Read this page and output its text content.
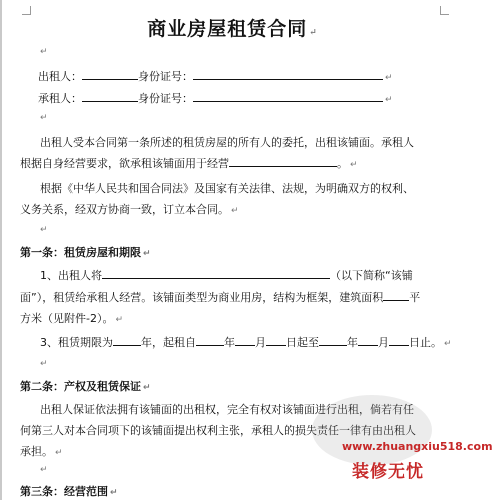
商业房屋租赁合同 ↵
↵
出租人：	身份证号：	↵
承租人：	身份证号：	↵
↵
出租人受本合同第一条所述的租赁房屋的所有人的委托，出租该铺面。承租人
根据自身经营要求，欲承租该铺面用于经营	。 ↵
根据《中华人民共和国合同法》及国家有关法律、法规，为明确双方的权利、
义务关系，经双方协商一致，订立本合同。 ↵
↵
第一条：租赁房屋和期限 ↵
1、出租人将	（以下简称“该铺
面”），租赁给承租人经营。该铺面类型为商业用房，结构为框架，建筑面积 平
方米（见附件-2）。 ↵
3、租赁期限为	年，起租自	年 月 日起至	年 月 日止。 ↵
↵
第二条：产权及租赁保证 ↵
出租人保证依法拥有该铺面的出租权，完全有权对该铺面进行出租，倘若有任
何第三人对本合同项下的该铺面提出权利主张，承租人的损失责任一律有由出租人
承担。 ↵
↵
第三条：经营范围 ↵
www.zhuangxiu518.com
装修无忧
